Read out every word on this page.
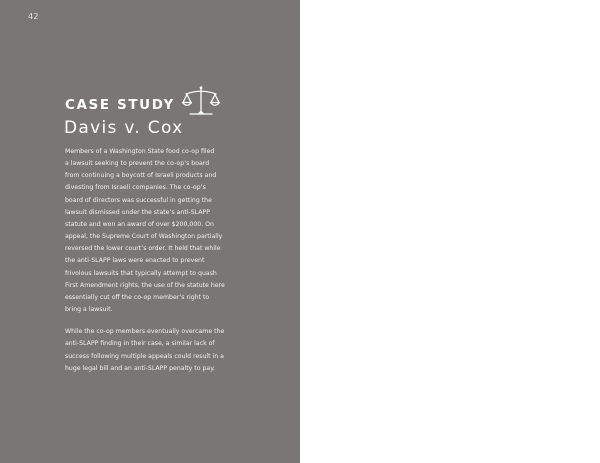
42
CASE STUDY
Davis v. Cox

Members of a Washington State food co-op filed
a lawsuit seeking to prevent the co-op’s board
from continuing a boycott of Israeli products and
divesting from Israeli companies. The co-op’s
board of directors was successful in getting the
lawsuit dismissed under the state’s anti-SLAPP
statute and won an award of over $200,000. On
appeal, the Supreme Court of Washington partially
reversed the lower court’s order. It held that while
the anti-SLAPP laws were enacted to prevent
frivolous lawsuits that typically attempt to quash
First Amendment rights, the use of the statute here
essentially cut off the co-op member’s right to
bring a lawsuit.

While the co-op members eventually overcame the
anti-SLAPP finding in their case, a similar lack of
success following multiple appeals could result in a
huge legal bill and an anti-SLAPP penalty to pay.
